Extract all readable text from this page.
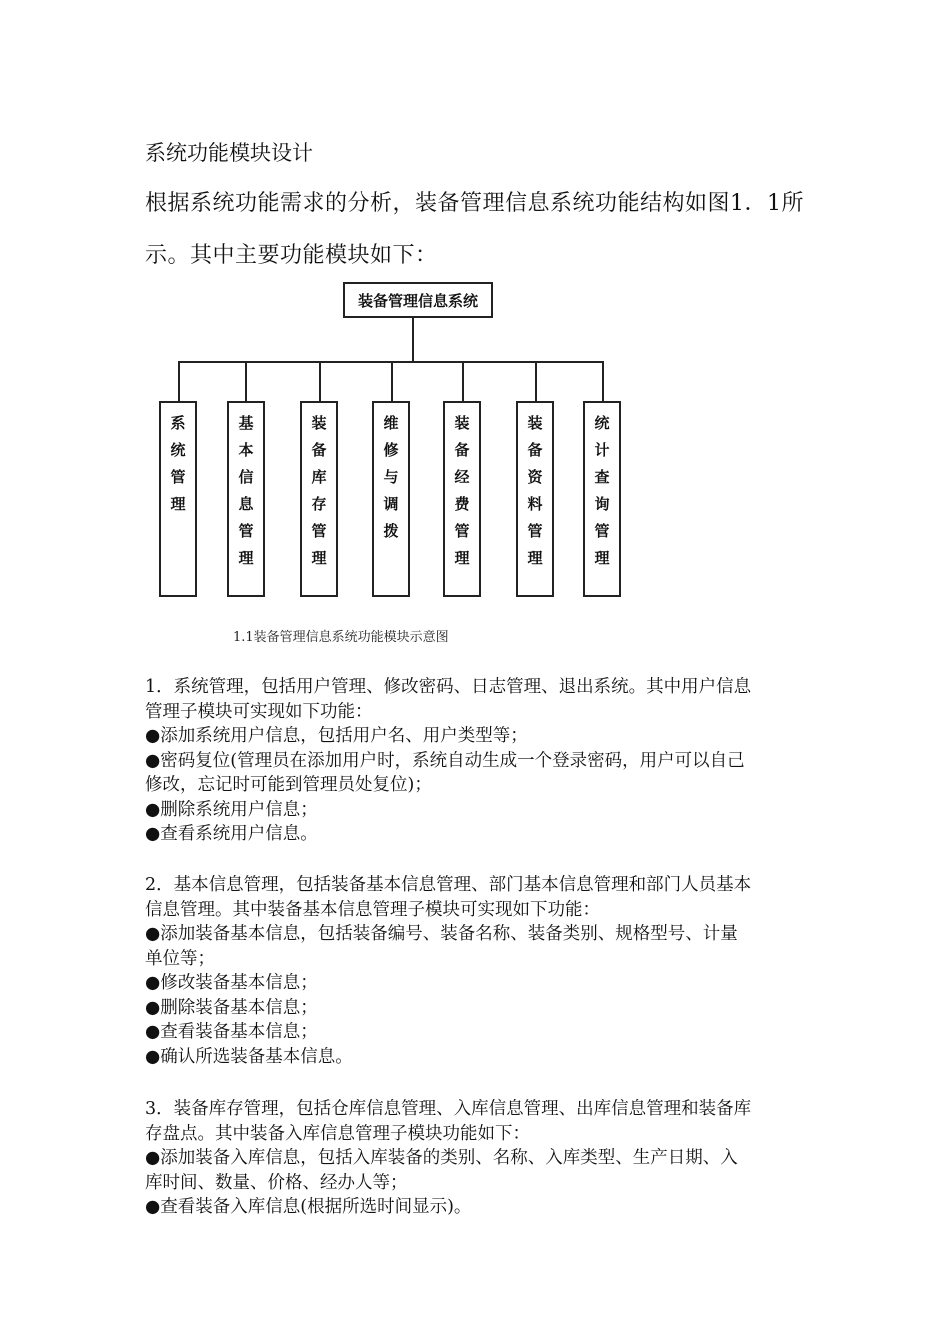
系统功能模块设计
根据系统功能需求的分析，装备管理信息系统功能结构如图1．1所
示。其中主要功能模块如下：
装备管理信息系统
系统管理	基本信息管理	装备库存管理	维修与调拨	装备经费管理	装备资料管理	统计查询管理
1.1装备管理信息系统功能模块示意图
1．系统管理，包括用户管理、修改密码、日志管理、退出系统。其中用户信息
管理子模块可实现如下功能：
●添加系统用户信息，包括用户名、用户类型等；
●密码复位(管理员在添加用户时，系统自动生成一个登录密码，用户可以自己
修改，忘记时可能到管理员处复位)；
●删除系统用户信息；
●查看系统用户信息。
2．基本信息管理，包括装备基本信息管理、部门基本信息管理和部门人员基本
信息管理。其中装备基本信息管理子模块可实现如下功能：
●添加装备基本信息，包括装备编号、装备名称、装备类别、规格型号、计量
单位等；
●修改装备基本信息；
●删除装备基本信息；
●查看装备基本信息；
●确认所选装备基本信息。
3．装备库存管理，包括仓库信息管理、入库信息管理、出库信息管理和装备库
存盘点。其中装备入库信息管理子模块功能如下：
●添加装备入库信息，包括入库装备的类别、名称、入库类型、生产日期、入
库时间、数量、价格、经办人等；
●查看装备入库信息(根据所选时间显示)。
